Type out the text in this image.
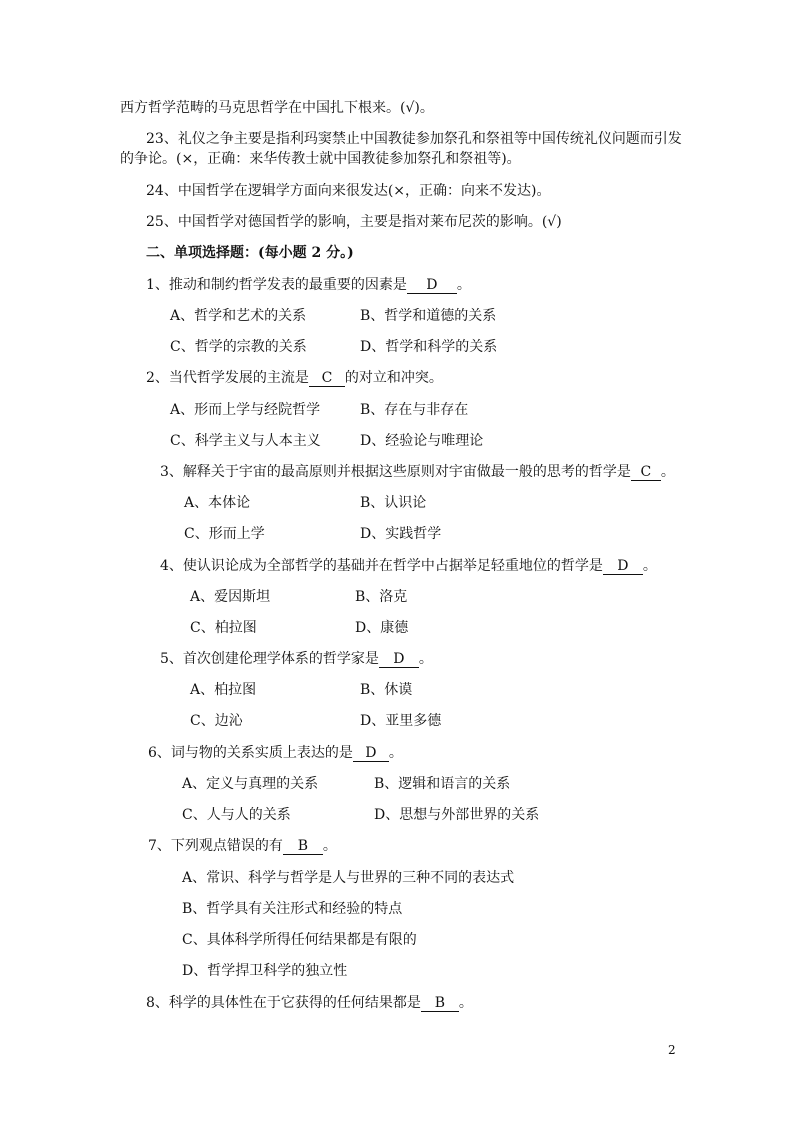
西方哲学范畴的马克思哲学在中国扎下根来。(√)。
23、礼仪之争主要是指利玛窦禁止中国教徒参加祭孔和祭祖等中国传统礼仪问题而引发
的争论。(×，正确：来华传教士就中国教徒参加祭孔和祭祖等)。
24、中国哲学在逻辑学方面向来很发达(×，正确：向来不发达)。
25、中国哲学对德国哲学的影响，主要是指对莱布尼茨的影响。(√)
二、单项选择题：(每小题 2 分。)
1、推动和制约哲学发表的最重要的因素是 D 。
A、哲学和艺术的关系	B、哲学和道德的关系
C、哲学的宗教的关系	D、哲学和科学的关系
2、当代哲学发展的主流是 C 的对立和冲突。
A、形而上学与经院哲学	B、存在与非存在
C、科学主义与人本主义	D、经验论与唯理论
3、解释关于宇宙的最高原则并根据这些原则对宇宙做最一般的思考的哲学是 C 。
A、本体论	B、认识论
C、形而上学	D、实践哲学
4、使认识论成为全部哲学的基础并在哲学中占据举足轻重地位的哲学是 D 。
A、爱因斯坦	B、洛克
C、柏拉图	D、康德
5、首次创建伦理学体系的哲学家是 D 。
A、柏拉图	B、休谟
C、边沁	D、亚里多德
6、词与物的关系实质上表达的是 D 。
A、定义与真理的关系	B、逻辑和语言的关系
C、人与人的关系	D、思想与外部世界的关系
7、下列观点错误的有 B 。
A、常识、科学与哲学是人与世界的三种不同的表达式
B、哲学具有关注形式和经验的特点
C、具体科学所得任何结果都是有限的
D、哲学捍卫科学的独立性
8、科学的具体性在于它获得的任何结果都是 B 。
2
